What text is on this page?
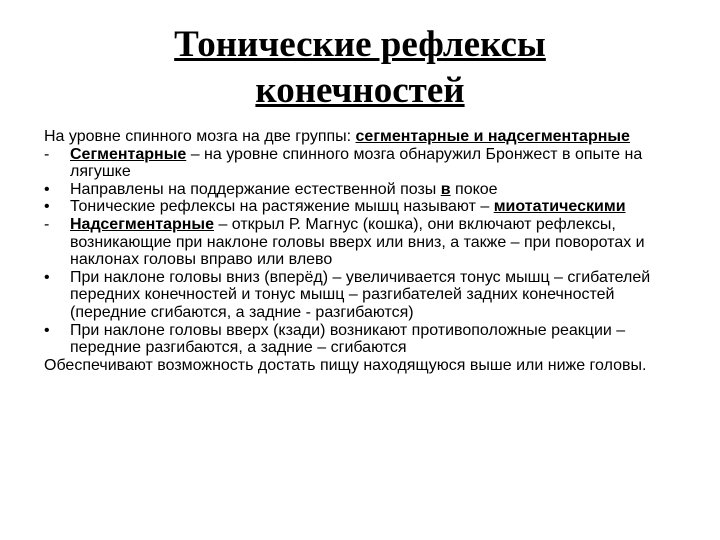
Тонические рефлексы
конечностей
На уровне спинного мозга на две группы: сегментарные и надсегментарные
-	Сегментарные – на уровне спинного мозга обнаружил Бронжест в опыте на лягушке
•	Направлены на поддержание естественной позы в покое
•	Тонические рефлексы на растяжение мышц называют – миотатическими
-	Надсегментарные – открыл Р. Магнус (кошка), они включают рефлексы, возникающие при наклоне головы вверх или вниз, а также – при поворотах и наклонах головы вправо или влево
•	При наклоне головы вниз (вперёд) – увеличивается тонус мышц – сгибателей передних конечностей и тонус мышц – разгибателей задних конечностей (передние сгибаются, а задние - разгибаются)
•	При наклоне головы вверх (кзади) возникают противоположные реакции – передние разгибаются, а задние – сгибаются
Обеспечивают возможность достать пищу находящуюся выше или ниже головы.
